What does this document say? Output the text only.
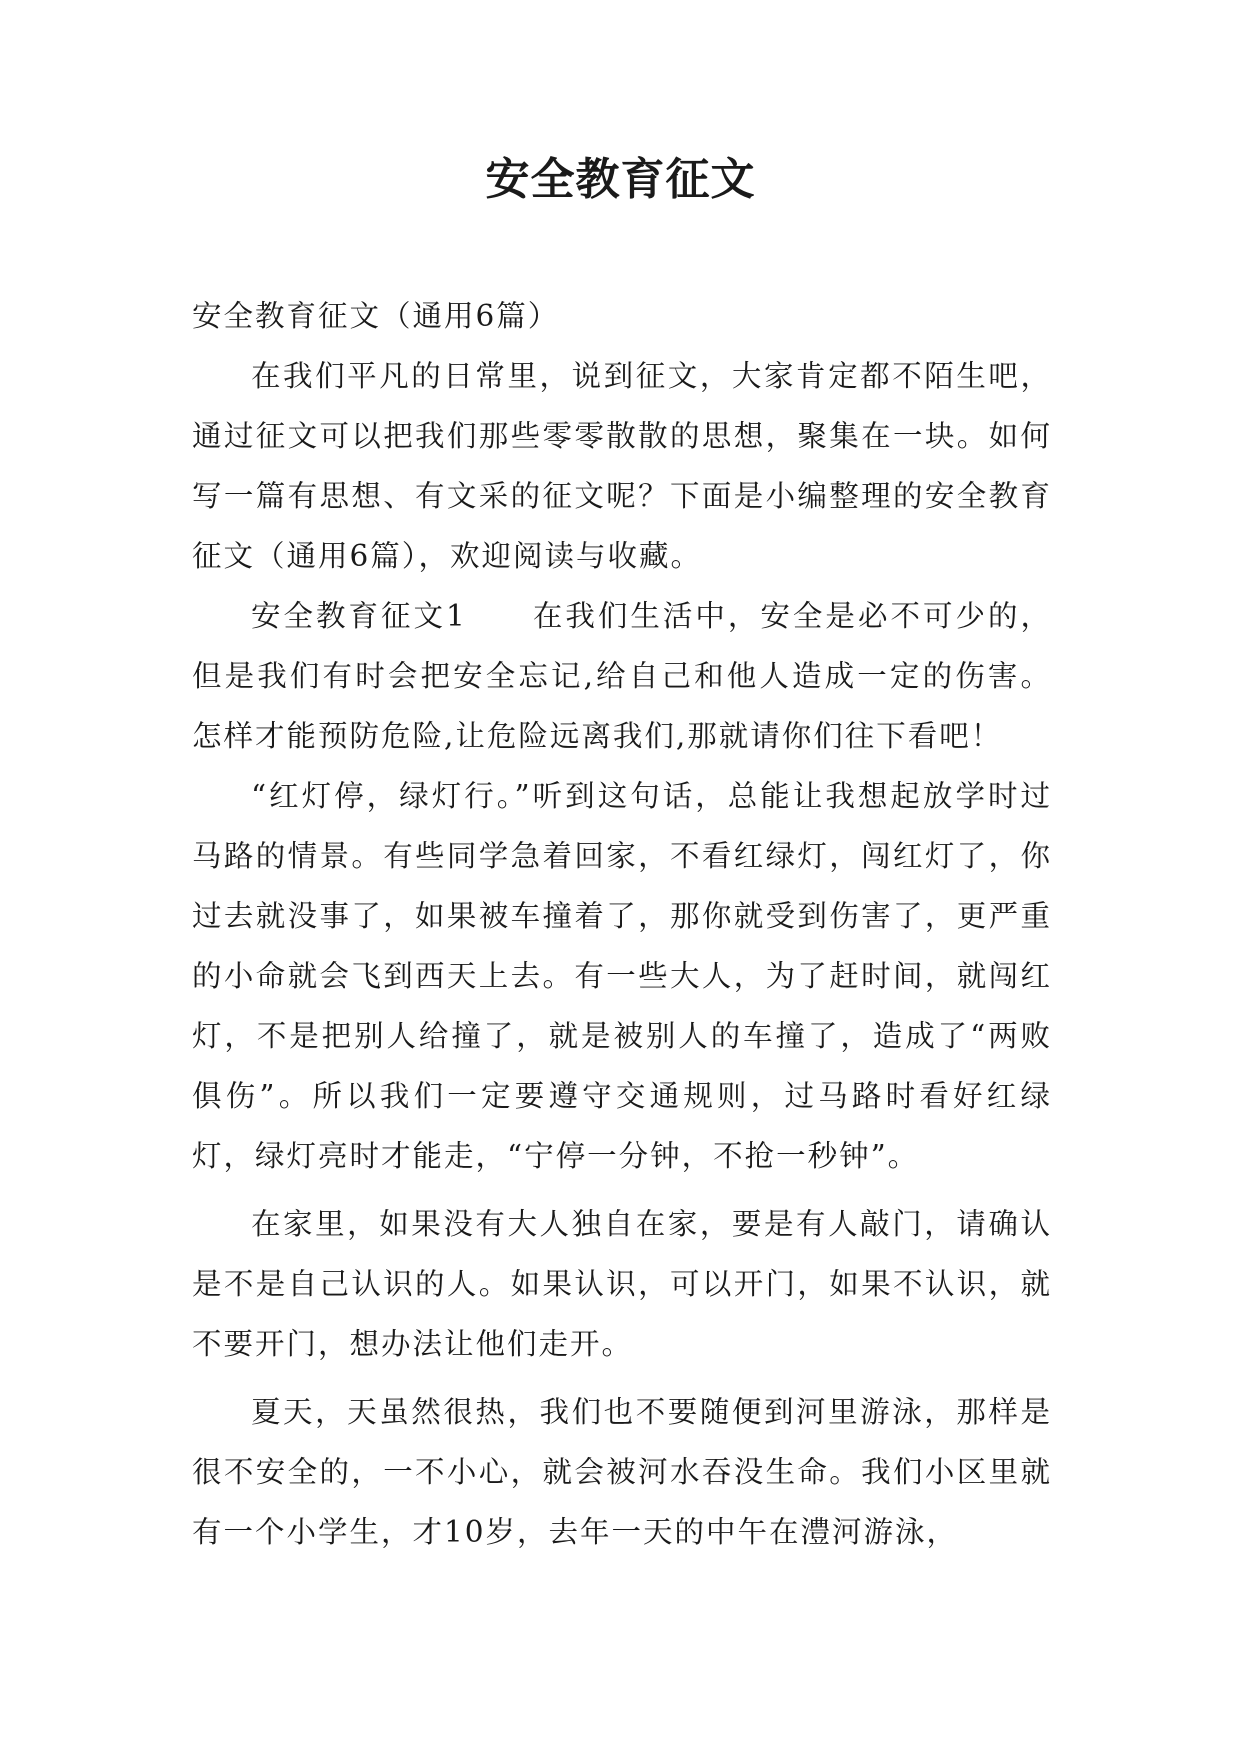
安全教育征文

安全教育征文（通用6篇）

在我们平凡的日常里，说到征文，大家肯定都不陌生吧，通过征文可以把我们那些零零散散的思想，聚集在一块。如何写一篇有思想、有文采的征文呢？下面是小编整理的安全教育征文（通用6篇），欢迎阅读与收藏。

安全教育征文1　　在我们生活中，安全是必不可少的，但是我们有时会把安全忘记,给自己和他人造成一定的伤害。怎样才能预防危险,让危险远离我们,那就请你们往下看吧！

“红灯停，绿灯行。”听到这句话，总能让我想起放学时过马路的情景。有些同学急着回家，不看红绿灯，闯红灯了，你过去就没事了，如果被车撞着了，那你就受到伤害了，更严重的小命就会飞到西天上去。有一些大人，为了赶时间，就闯红灯，不是把别人给撞了，就是被别人的车撞了，造成了“两败俱伤”。所以我们一定要遵守交通规则，过马路时看好红绿灯，绿灯亮时才能走，“宁停一分钟，不抢一秒钟”。

在家里，如果没有大人独自在家，要是有人敲门，请确认是不是自己认识的人。如果认识，可以开门，如果不认识，就不要开门，想办法让他们走开。

夏天，天虽然很热，我们也不要随便到河里游泳，那样是很不安全的，一不小心，就会被河水吞没生命。我们小区里就有一个小学生，才10岁，去年一天的中午在澧河游泳，
